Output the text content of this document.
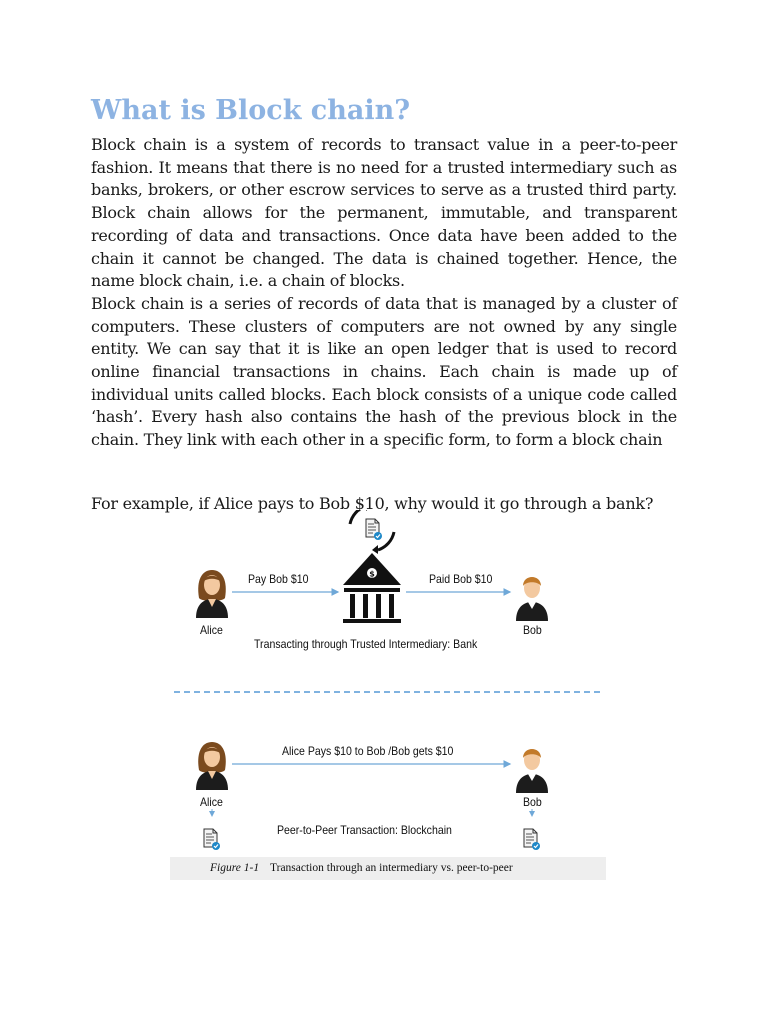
What is Block chain?

Block chain is a system of records to transact value in a peer-to-peer fashion. It means that there is no need for a trusted intermediary such as banks, brokers, or other escrow services to serve as a trusted third party. Block chain allows for the permanent, immutable, and transparent recording of data and transactions. Once data have been added to the chain it cannot be changed. The data is chained together. Hence, the name block chain, i.e. a chain of blocks.

Block chain is a series of records of data that is managed by a cluster of computers. These clusters of computers are not owned by any single entity. We can say that it is like an open ledger that is used to record online financial transactions in chains. Each chain is made up of individual units called blocks. Each block consists of a unique code called ‘hash’. Every hash also contains the hash of the previous block in the chain. They link with each other in a specific form, to form a block chain

For example, if Alice pays to Bob $10, why would it go through a bank?

$
Pay Bob $10	Paid Bob $10
Alice	Bob
Transacting through Trusted Intermediary: Bank
Alice Pays $10 to Bob /Bob gets $10
Alice	Bob
Peer-to-Peer Transaction: Blockchain
Figure 1-1 Transaction through an intermediary vs. peer-to-peer
